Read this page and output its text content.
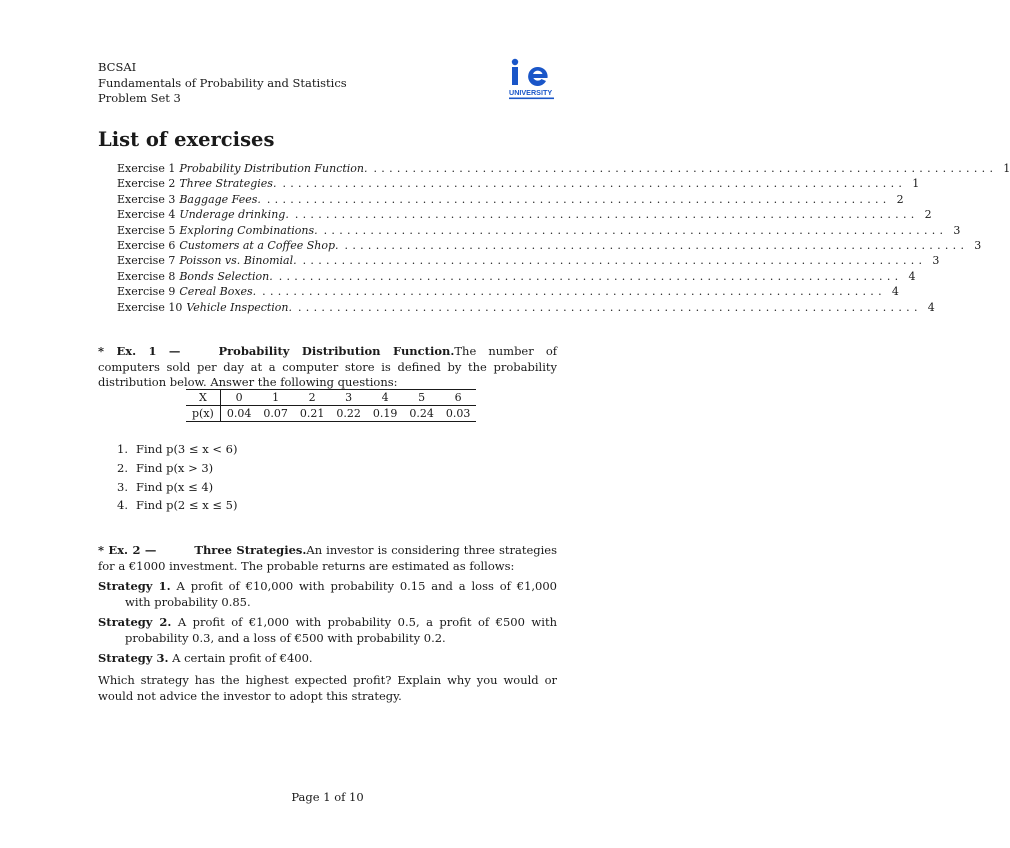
BCSAI
Fundamentals of Probability and Statistics
Problem Set 3	UNIVERSITY
List of exercises
Exercise 1 Probability Distribution Function. ................................................................................ 1
Exercise 2 Three Strategies. ................................................................................ 1
Exercise 3 Baggage Fees. ................................................................................ 2
Exercise 4 Underage drinking. ................................................................................ 2
Exercise 5 Exploring Combinations. ................................................................................ 3
Exercise 6 Customers at a Coffee Shop. ................................................................................ 3
Exercise 7 Poisson vs. Binomial. ................................................................................ 3
Exercise 8 Bonds Selection. ................................................................................ 4
Exercise 9 Cereal Boxes. ................................................................................ 4
Exercise 10 Vehicle Inspection. ................................................................................ 4
* Ex. 1 —	Probability Distribution Function.The number of computers sold per day at a computer store is defined by the probability distribution below. Answer the following questions:
X	0	1	2	3	4	5	6
p(x)	0.04	0.07	0.21	0.22	0.19	0.24	0.03
1. Find p(3 ≤ x < 6)
2. Find p(x > 3)
3. Find p(x ≤ 4)
4. Find p(2 ≤ x ≤ 5)
* Ex. 2 —	Three Strategies.An investor is considering three strategies for a €1000 investment. The probable returns are estimated as follows:
Strategy 1. A profit of €10,000 with probability 0.15 and a loss of €1,000 with probability 0.85.
Strategy 2. A profit of €1,000 with probability 0.5, a profit of €500 with probability 0.3, and a loss of €500 with probability 0.2.
Strategy 3. A certain profit of €400.
Which strategy has the highest expected profit? Explain why you would or would not advice the investor to adopt this strategy.
Page 1 of 10
